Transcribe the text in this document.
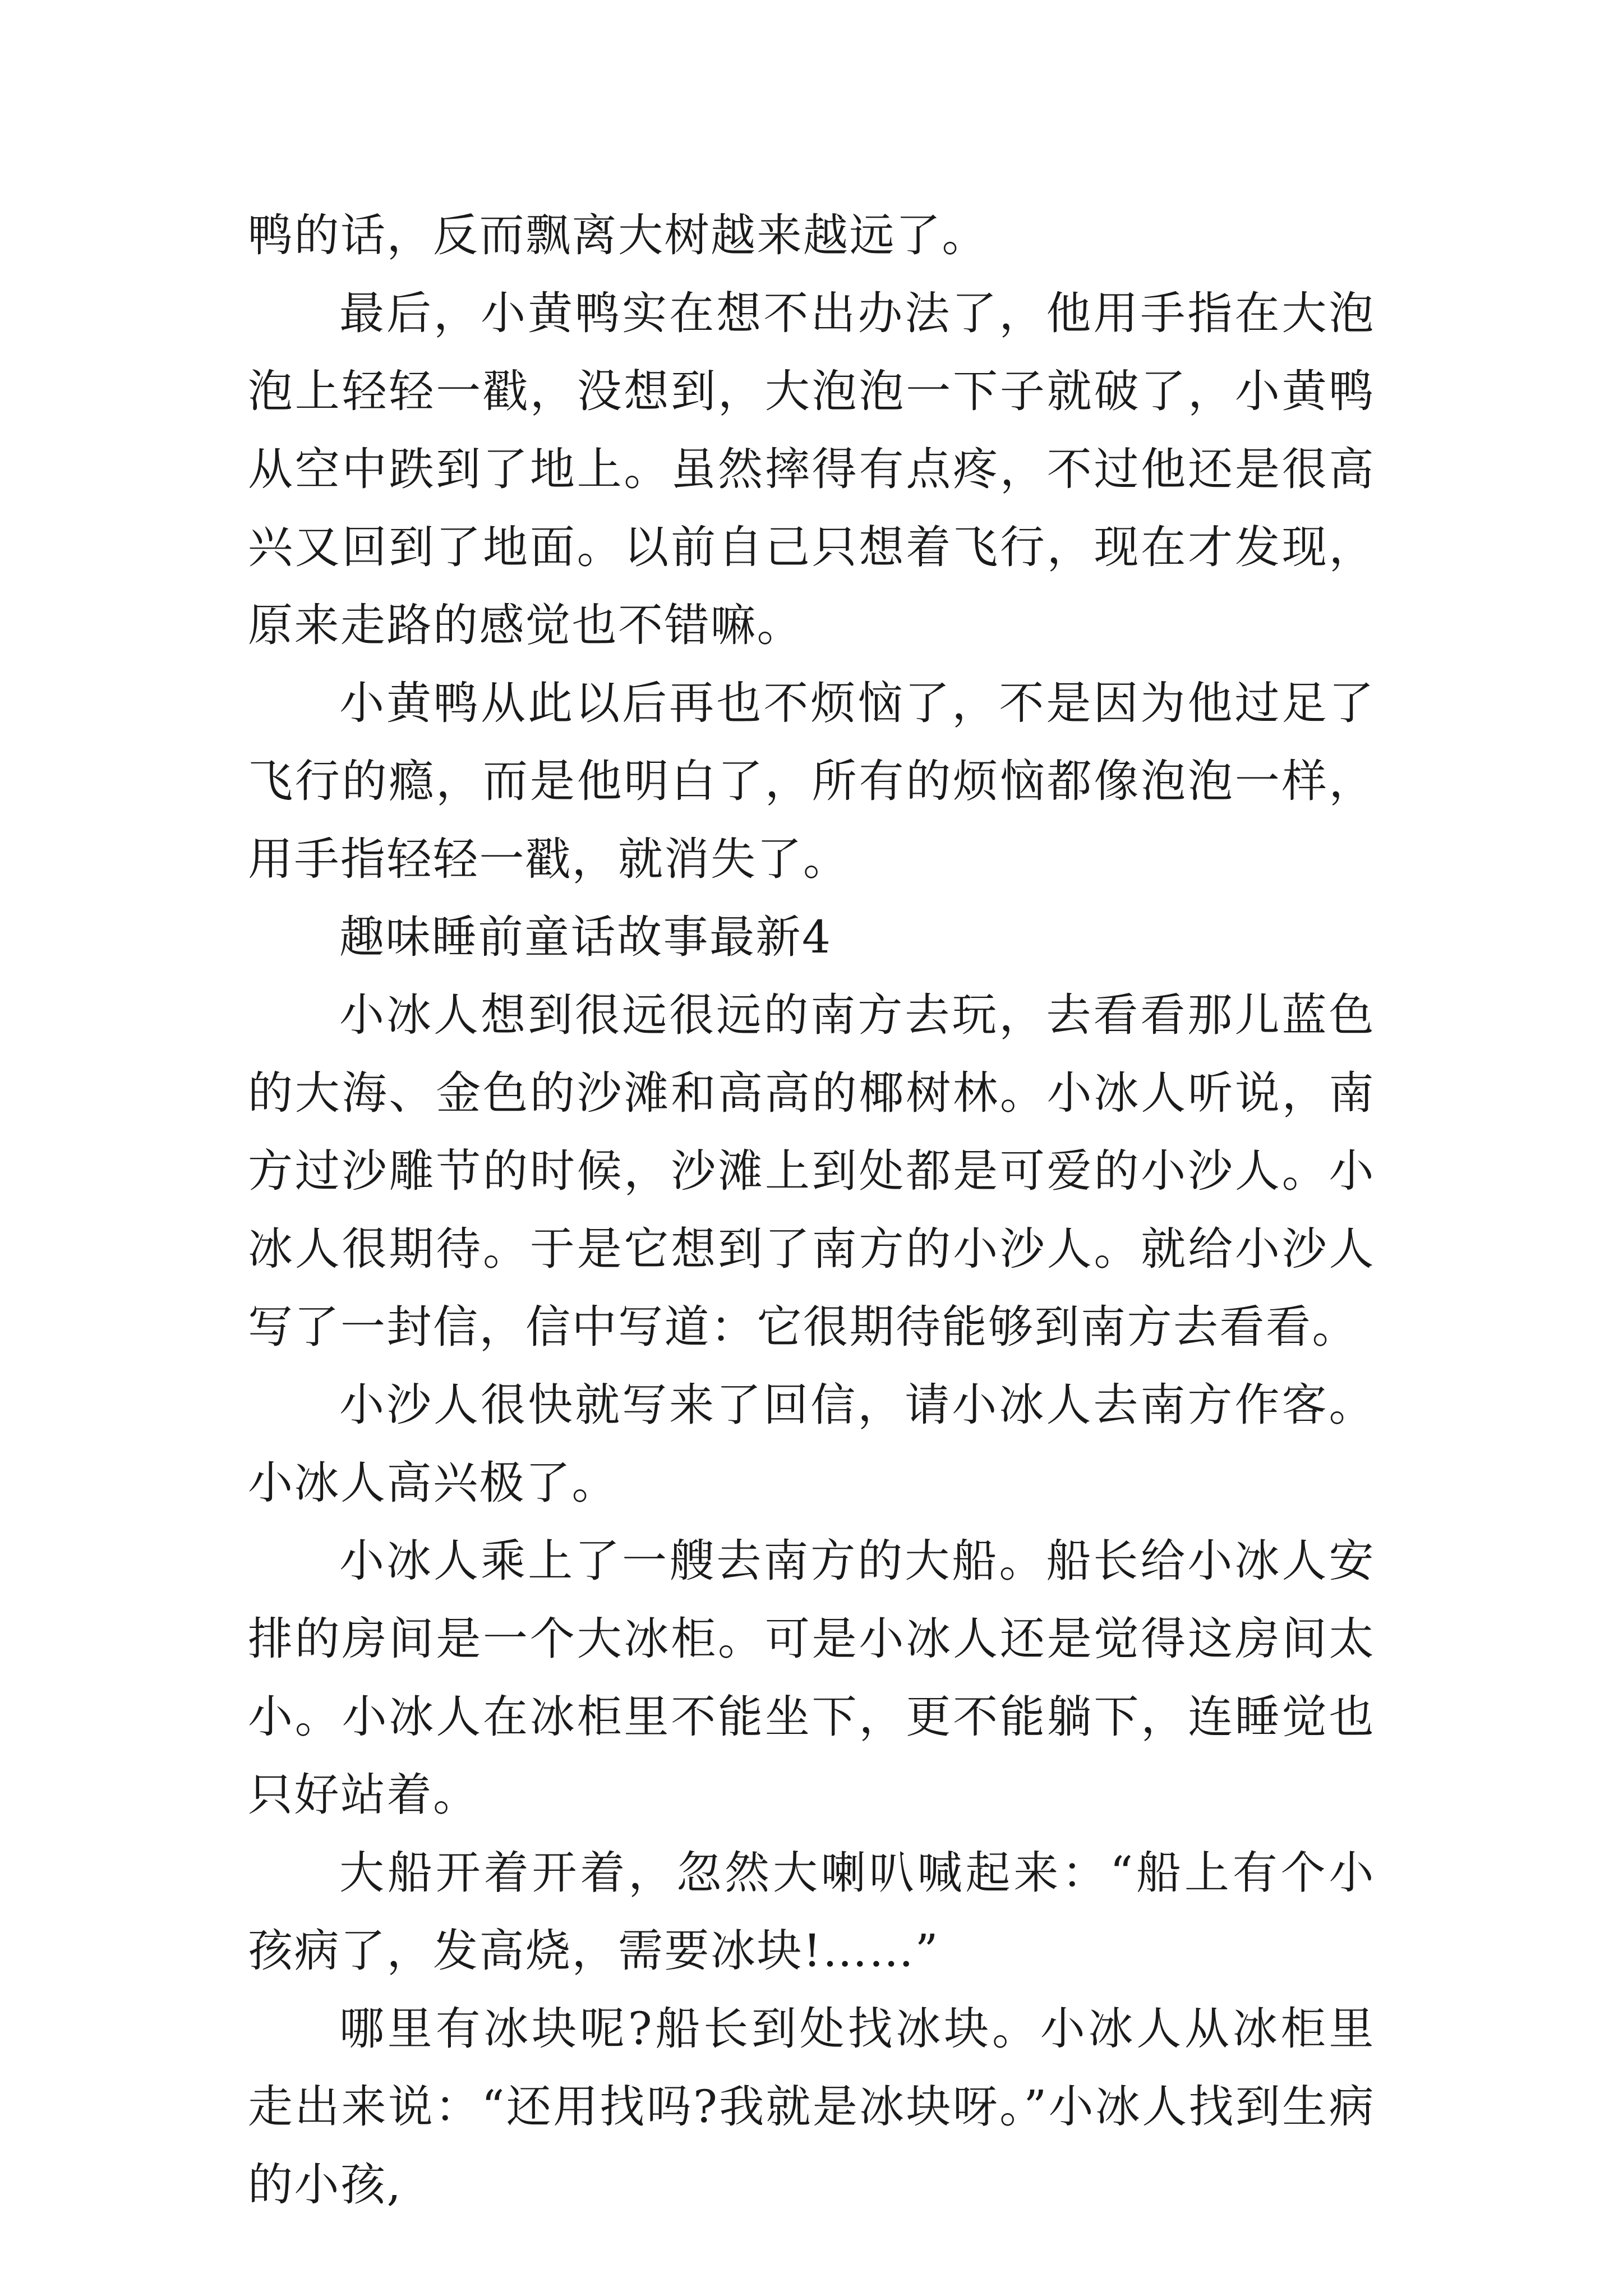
鸭的话，反而飘离大树越来越远了。

最后，小黄鸭实在想不出办法了，他用手指在大泡泡上轻轻一戳，没想到，大泡泡一下子就破了，小黄鸭从空中跌到了地上。虽然摔得有点疼，不过他还是很高兴又回到了地面。以前自己只想着飞行，现在才发现，原来走路的感觉也不错嘛。

小黄鸭从此以后再也不烦恼了，不是因为他过足了飞行的瘾，而是他明白了，所有的烦恼都像泡泡一样，用手指轻轻一戳，就消失了。

趣味睡前童话故事最新4

小冰人想到很远很远的南方去玩，去看看那儿蓝色的大海、金色的沙滩和高高的椰树林。小冰人听说，南方过沙雕节的时候，沙滩上到处都是可爱的小沙人。小冰人很期待。于是它想到了南方的小沙人。就给小沙人写了一封信，信中写道：它很期待能够到南方去看看。

小沙人很快就写来了回信，请小冰人去南方作客。小冰人高兴极了。

小冰人乘上了一艘去南方的大船。船长给小冰人安排的房间是一个大冰柜。可是小冰人还是觉得这房间太小。小冰人在冰柜里不能坐下，更不能躺下，连睡觉也只好站着。

大船开着开着，忽然大喇叭喊起来：“船上有个小孩病了，发高烧，需要冰块!……”

哪里有冰块呢?船长到处找冰块。小冰人从冰柜里走出来说：“还用找吗?我就是冰块呀。”小冰人找到生病的小孩,
